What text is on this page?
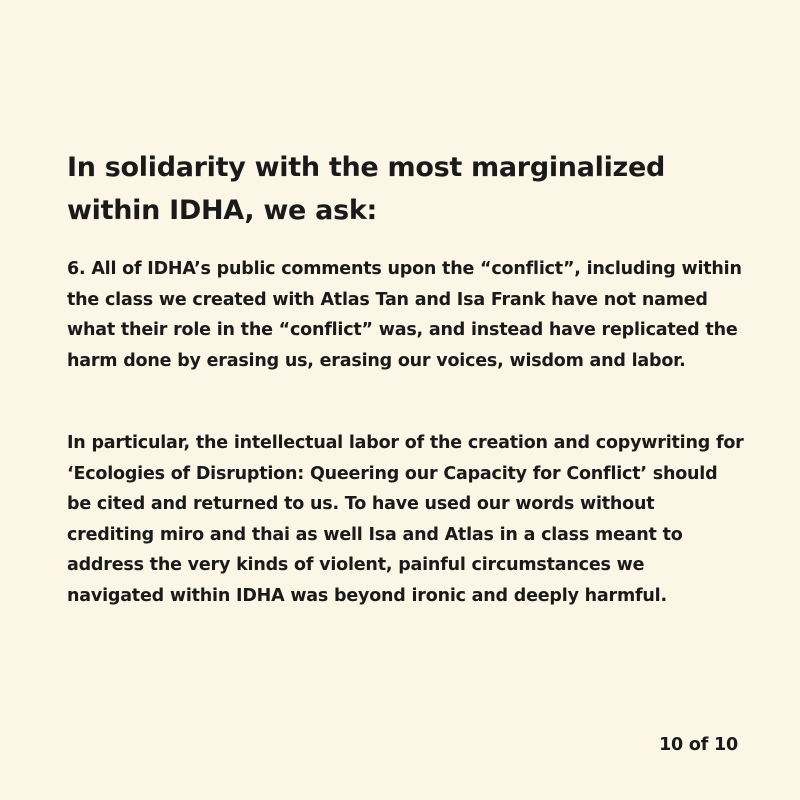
In solidarity with the most marginalized within IDHA, we ask:

6. All of IDHA’s public comments upon the “conflict”, including within the class we created with Atlas Tan and Isa Frank have not named what their role in the “conflict” was, and instead have replicated the harm done by erasing us, erasing our voices, wisdom and labor.

In particular, the intellectual labor of the creation and copywriting for ‘Ecologies of Disruption: Queering our Capacity for Conflict’ should be cited and returned to us. To have used our words without crediting miro and thai as well Isa and Atlas in a class meant to address the very kinds of violent, painful circumstances we navigated within IDHA was beyond ironic and deeply harmful.

10 of 10
